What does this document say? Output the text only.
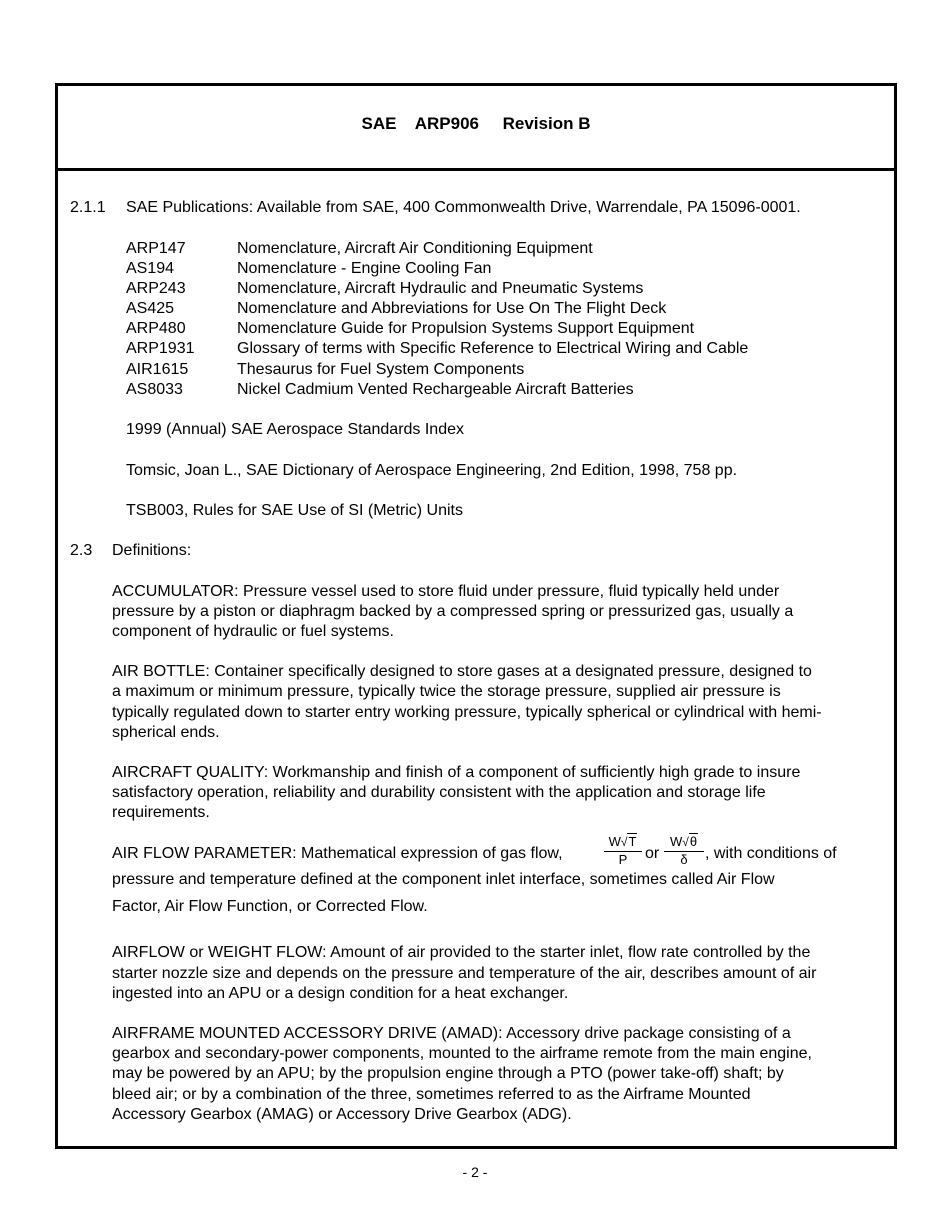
SAE ARP906 Revision B
2.1.1 SAE Publications: Available from SAE, 400 Commonwealth Drive, Warrendale, PA 15096-0001.
ARP147	Nomenclature, Aircraft Air Conditioning Equipment
AS194	Nomenclature - Engine Cooling Fan
ARP243	Nomenclature, Aircraft Hydraulic and Pneumatic Systems
AS425	Nomenclature and Abbreviations for Use On The Flight Deck
ARP480	Nomenclature Guide for Propulsion Systems Support Equipment
ARP1931	Glossary of terms with Specific Reference to Electrical Wiring and Cable
AIR1615	Thesaurus for Fuel System Components
AS8033	Nickel Cadmium Vented Rechargeable Aircraft Batteries
1999 (Annual) SAE Aerospace Standards Index
Tomsic, Joan L., SAE Dictionary of Aerospace Engineering, 2nd Edition, 1998, 758 pp.
TSB003, Rules for SAE Use of SI (Metric) Units
2.3 Definitions:
ACCUMULATOR: Pressure vessel used to store fluid under pressure, fluid typically held under
pressure by a piston or diaphragm backed by a compressed spring or pressurized gas, usually a
component of hydraulic or fuel systems.
AIR BOTTLE: Container specifically designed to store gases at a designated pressure, designed to
a maximum or minimum pressure, typically twice the storage pressure, supplied air pressure is
typically regulated down to starter entry working pressure, typically spherical or cylindrical with hemi-
spherical ends.
AIRCRAFT QUALITY: Workmanship and finish of a component of sufficiently high grade to insure
satisfactory operation, reliability and durability consistent with the application and storage life
requirements.
AIR FLOW PARAMETER: Mathematical expression of gas flow,	$\frac{W√T}{P}$ or $\frac{W√\theta}{\delta}$ , with conditions of
pressure and temperature defined at the component inlet interface, sometimes called Air Flow
Factor, Air Flow Function, or Corrected Flow.
AIRFLOW or WEIGHT FLOW: Amount of air provided to the starter inlet, flow rate controlled by the
starter nozzle size and depends on the pressure and temperature of the air, describes amount of air
ingested into an APU or a design condition for a heat exchanger.
AIRFRAME MOUNTED ACCESSORY DRIVE (AMAD): Accessory drive package consisting of a
gearbox and secondary-power components, mounted to the airframe remote from the main engine,
may be powered by an APU; by the propulsion engine through a PTO (power take-off) shaft; by
bleed air; or by a combination of the three, sometimes referred to as the Airframe Mounted
Accessory Gearbox (AMAG) or Accessory Drive Gearbox (ADG).
- 2 -
